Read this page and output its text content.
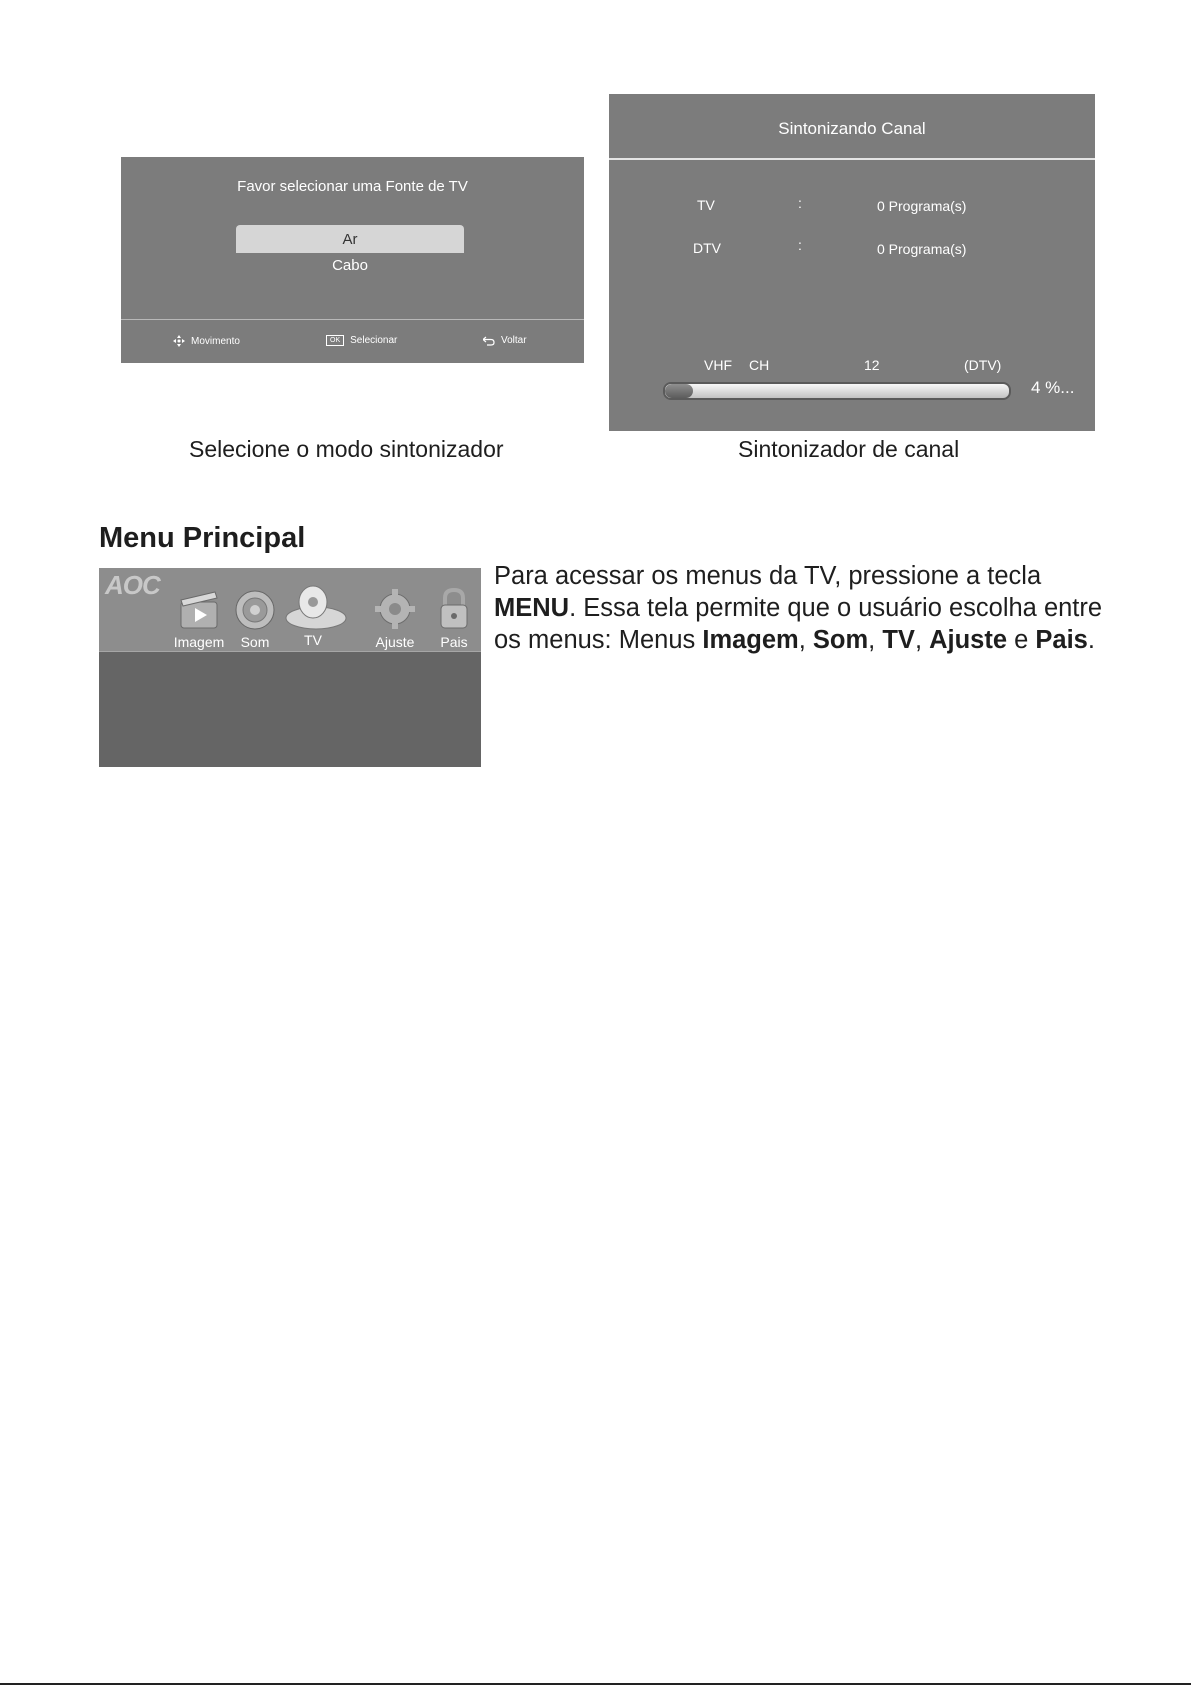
Favor selecionar uma Fonte de TV
Ar
Cabo
Movimento	OK	Selecionar	Voltar
Selecione o modo sintonizador
Sintonizando Canal
TV	:	0 Programa(s)
DTV	:	0 Programa(s)
VHF CH	12	(DTV)
4 %...
Sintonizador de canal
Menu Principal
AOC
Imagem	Som	TV	Ajuste	Pais
Para acessar os menus da TV, pressione a tecla MENU. Essa tela permite que o usuário escolha entre os menus: Menus Imagem, Som, TV, Ajuste e Pais.
